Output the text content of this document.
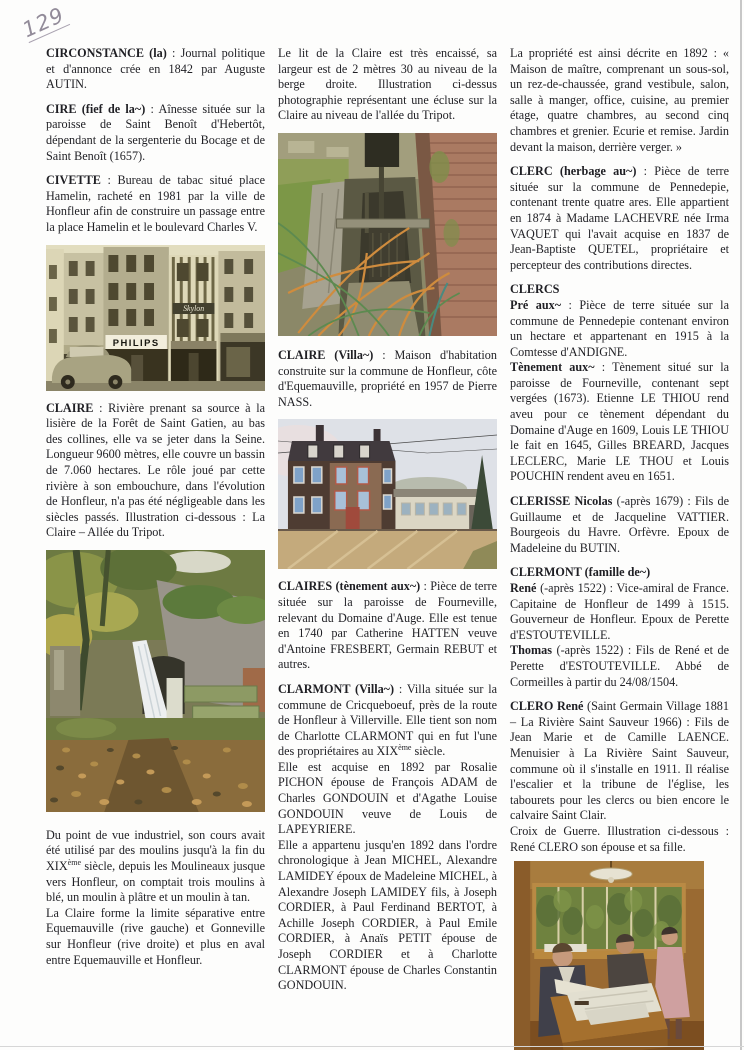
129

CIRCONSTANCE (la) : Journal politique et d'annonce crée en 1842 par Auguste AUTIN.

CIRE (fief de la~) : Aînesse située sur la paroisse de Saint Benoît d'Hebertôt, dépendant de la sergenterie du Bocage et de Saint Benoît (1657).

CIVETTE : Bureau de tabac situé place Hamelin, racheté en 1981 par la ville de Honfleur afin de construire un passage entre la place Hamelin et le boulevard Charles V.

PHILIPS
Skylon

CLAIRE : Rivière prenant sa source à la lisière de la Forêt de Saint Gatien, au bas des collines, elle va se jeter dans la Seine. Longueur 9600 mètres, elle couvre un bassin de 7.060 hectares. Le rôle joué par cette rivière à son embouchure, dans l'évolution de Honfleur, n'a pas été négligeable dans les siècles passés. Illustration ci-dessous : La Claire – Allée du Tripot.

Du point de vue industriel, son cours avait été utilisé par des moulins jusqu'à la fin du XIXème siècle, depuis les Moulineaux jusque vers Honfleur, on comptait trois moulins à blé, un moulin à plâtre et un moulin à tan.

La Claire forme la limite séparative entre Equemauville (rive gauche) et Gonneville sur Honfleur (rive droite) et plus en aval entre Equemauville et Honfleur.

Le lit de la Claire est très encaissé, sa largeur est de 2 mètres 30 au niveau de la berge droite. Illustration ci-dessus photographie représentant une écluse sur la Claire au niveau de l'allée du Tripot.

CLAIRE (Villa~) : Maison d'habitation construite sur la commune de Honfleur, côte d'Equemauville, propriété en 1957 de Pierre NASS.

CLAIRES (tènement aux~) : Pièce de terre située sur la paroisse de Fourneville, relevant du Domaine d'Auge. Elle est tenue en 1740 par Catherine HATTEN veuve d'Antoine FRESBERT, Germain REBUT et autres.

CLARMONT (Villa~) : Villa située sur la commune de Cricqueboeuf, près de la route de Honfleur à Villerville. Elle tient son nom de Charlotte CLARMONT qui en fut l'une des propriétaires au XIXème siècle.

Elle est acquise en 1892 par Rosalie PICHON épouse de François ADAM de Charles GONDOUIN et d'Agathe Louise GONDOUIN veuve de Louis de LAPEYRIERE.

Elle a appartenu jusqu'en 1892 dans l'ordre chronologique à Jean MICHEL, Alexandre LAMIDEY époux de Madeleine MICHEL, à Alexandre Joseph LAMIDEY fils, à Joseph CORDIER, à Paul Ferdinand BERTOT, à Achille Joseph CORDIER, à Paul Emile CORDIER, à Anaïs PETIT épouse de Joseph CORDIER et à Charlotte CLARMONT épouse de Charles Constantin GONDOUIN.

La propriété est ainsi décrite en 1892 : « Maison de maître, comprenant un sous-sol, un rez-de-chaussée, grand vestibule, salon, salle à manger, office, cuisine, au premier étage, quatre chambres, au second cinq chambres et grenier. Ecurie et remise. Jardin devant la maison, derrière verger. »

CLERC (herbage au~) : Pièce de terre située sur la commune de Pennedepie, contenant trente quatre ares. Elle appartient en 1874 à Madame LACHEVRE née Irma VAQUET qui l'avait acquise en 1837 de Jean-Baptiste QUETEL, propriétaire et percepteur des contributions directes.

CLERCS

Pré aux~ : Pièce de terre située sur la commune de Pennedepie contenant environ un hectare et appartenant en 1915 à la Comtesse d'ANDIGNE.

Tènement aux~ : Tènement situé sur la paroisse de Fourneville, contenant sept vergées (1673). Etienne LE THIOU rend aveu pour ce tènement dépendant du Domaine d'Auge en 1609, Louis LE THIOU le fait en 1645, Gilles BREARD, Jacques LECLERC, Marie LE THOU et Louis POUCHIN rendent aveu en 1651.

CLERISSE Nicolas (-après 1679) : Fils de Guillaume et de Jacqueline VATTIER. Bourgeois du Havre. Orfèvre. Epoux de Madeleine du BUTIN.

CLERMONT (famille de~)

René (-après 1522) : Vice-amiral de France. Capitaine de Honfleur de 1499 à 1515. Gouverneur de Honfleur. Epoux de Perette d'ESTOUTEVILLE.

Thomas (-après 1522) : Fils de René et de Perette d'ESTOUTEVILLE. Abbé de Cormeilles à partir du 24/08/1504.

CLERO René (Saint Germain Village 1881 – La Rivière Saint Sauveur 1966) : Fils de Jean Marie et de Camille LAENCE. Menuisier à La Rivière Saint Sauveur, commune où il s'installe en 1911. Il réalise l'escalier et la tribune de l'église, les tabourets pour les clercs ou bien encore le calvaire Saint Clair.

Croix de Guerre. Illustration ci-dessous : René CLERO son épouse et sa fille.
